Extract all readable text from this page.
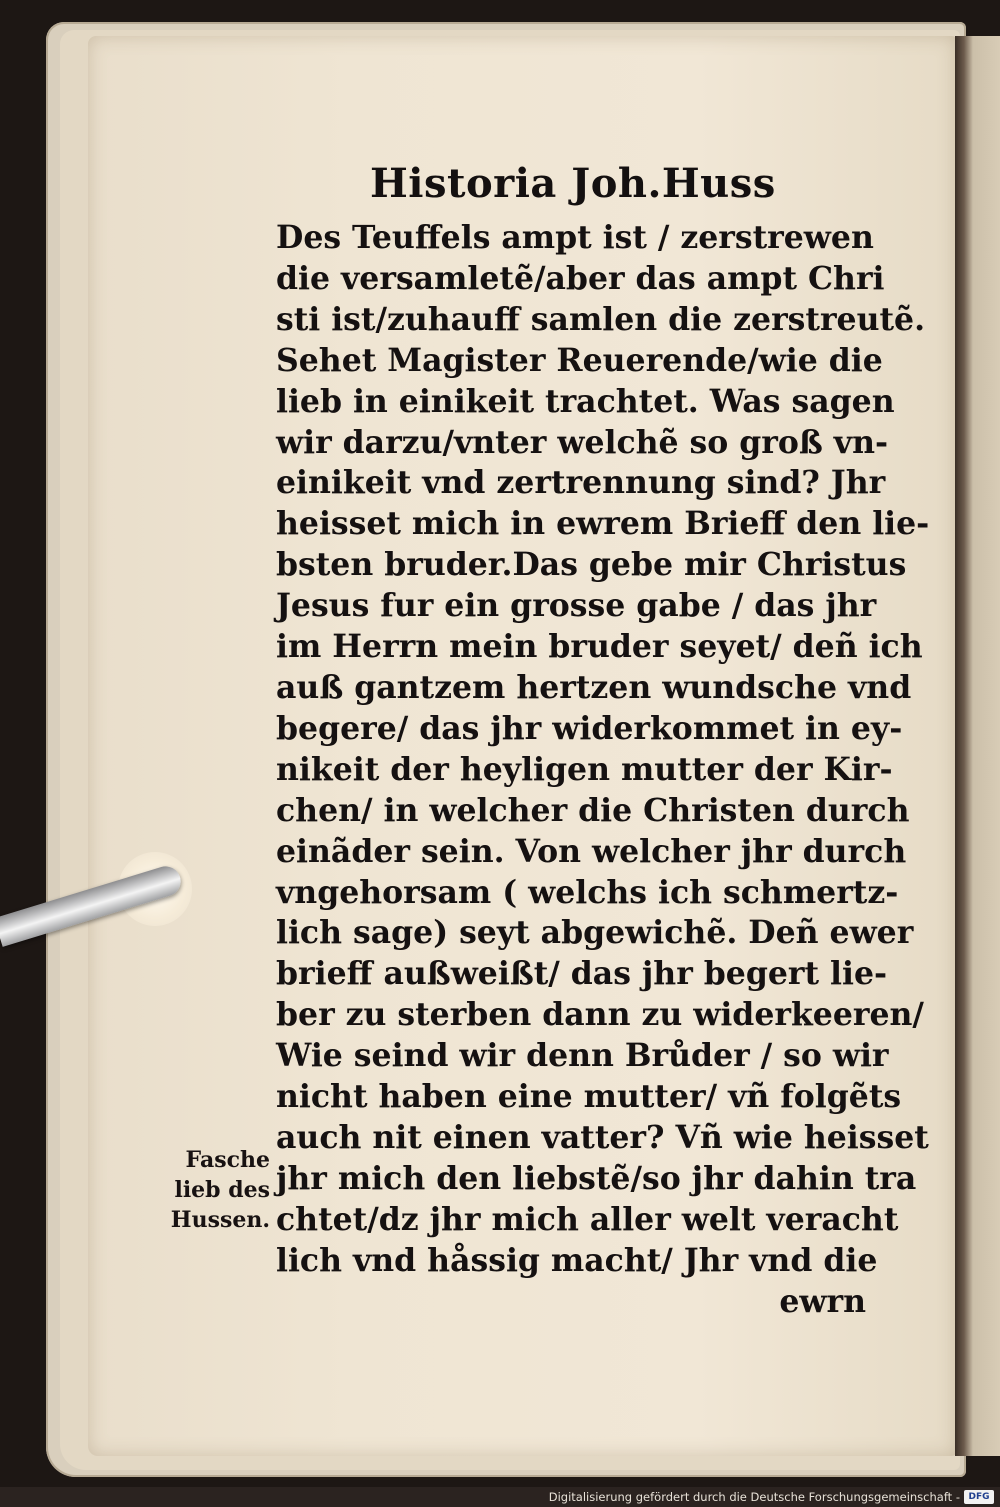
Historia Joh.Huss
Des Teuffels ampt ist / zerstrewen
die versamletẽ/aber das ampt Chri
sti ist/zuhauff samlen die zerstreutẽ.
Sehet Magister Reuerende/wie die
lieb in einikeit trachtet. Was sagen
wir darzu/vnter welchẽ so groß vn-
einikeit vnd zertrennung sind? Jhr
heisset mich in ewrem Brieff den lie-
bsten bruder.Das gebe mir Christus
Jesus fur ein grosse gabe / das jhr
im Herrn mein bruder seyet/ deñ ich
auß gantzem hertzen wundsche vnd
begere/ das jhr widerkommet in ey-
nikeit der heyligen mutter der Kir-
chen/ in welcher die Christen durch
einãder sein. Von welcher jhr durch
vngehorsam ( welchs ich schmertz-
lich sage) seyt abgewichẽ. Deñ ewer
brieff außweißt/ das jhr begert lie-
ber zu sterben dann zu widerkeeren/
Wie seind wir denn Brůder / so wir
nicht haben eine mutter/ vñ folgẽts
auch nit einen vatter? Vñ wie heisset
jhr mich den liebstẽ/so jhr dahin tra
chtet/dz jhr mich aller welt veracht
lich vnd håssig macht/ Jhr vnd die
ewrn
Fasche
lieb des
Hussen.
Digitalisierung gefördert durch die Deutsche Forschungsgemeinschaft - DFG
